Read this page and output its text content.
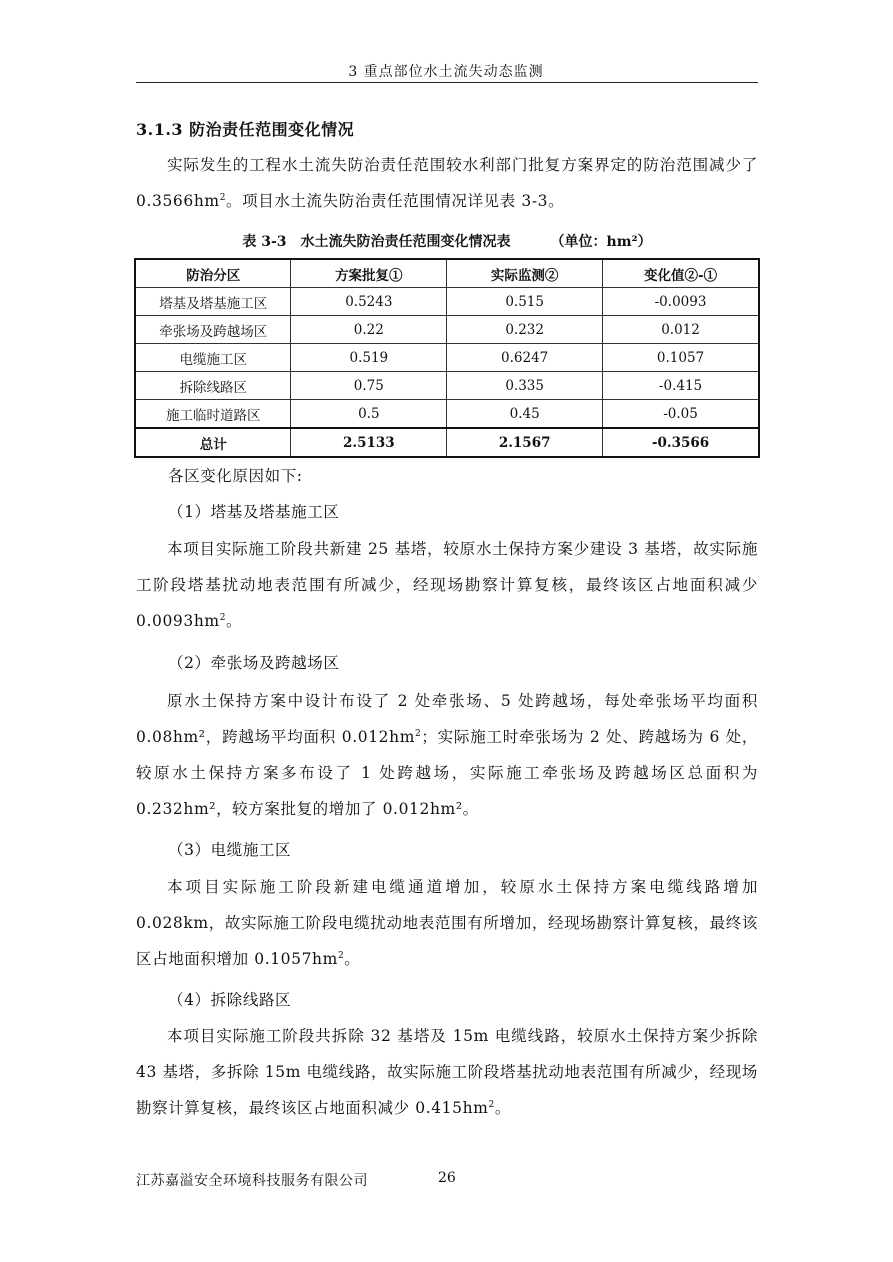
3 重点部位水土流失动态监测
3.1.3 防治责任范围变化情况

实际发生的工程水土流失防治责任范围较水利部门批复方案界定的防治范围减少了 $0.3566hm^2$。项目水土流失防治责任范围情况详见表 3-3。

表 3-3　水土流失防治责任范围变化情况表	（单位：hm²）
防治分区	方案批复①	实际监测②	变化值②-①
塔基及塔基施工区	0.5243	0.515	-0.0093
牵张场及跨越场区	0.22	0.232	0.012
电缆施工区	0.519	0.6247	0.1057
拆除线路区	0.75	0.335	-0.415
施工临时道路区	0.5	0.45	-0.05
总计	2.5133	2.1567	-0.3566
各区变化原因如下:
（1）塔基及塔基施工区

本项目实际施工阶段共新建 25 基塔，较原水土保持方案少建设 3 基塔，故实际施工阶段塔基扰动地表范围有所减少，经现场勘察计算复核，最终该区占地面积减少 $0.0093hm^2$。

（2）牵张场及跨越场区

原水土保持方案中设计布设了 2 处牵张场、5 处跨越场，每处牵张场平均面积 0.08hm²，跨越场平均面积 $0.012hm^2$；实际施工时牵张场为 2 处、跨越场为 6 处，较原水土保持方案多布设了 1 处跨越场，实际施工牵张场及跨越场区总面积为 0.232hm²，较方案批复的增加了 0.012hm²。

（3）电缆施工区

本项目实际施工阶段新建电缆通道增加，较原水土保持方案电缆线路增加 0.028km，故实际施工阶段电缆扰动地表范围有所增加，经现场勘察计算复核，最终该区占地面积增加 $0.1057hm^2$。

（4）拆除线路区

本项目实际施工阶段共拆除 32 基塔及 15m 电缆线路，较原水土保持方案少拆除 43 基塔，多拆除 15m 电缆线路，故实际施工阶段塔基扰动地表范围有所减少，经现场勘察计算复核，最终该区占地面积减少 $0.415hm^2$。

江苏嘉溢安全环境科技服务有限公司	26
